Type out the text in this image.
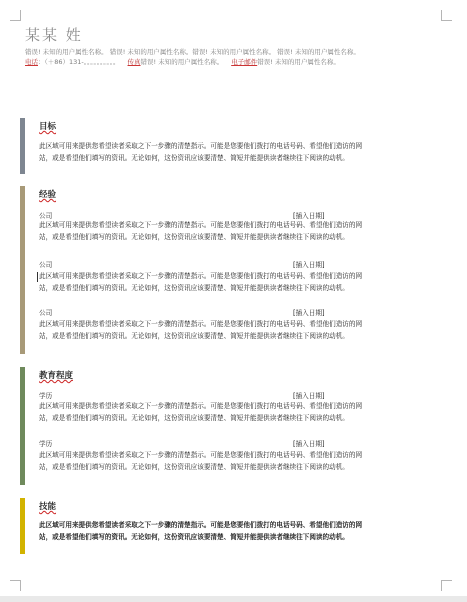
某某 姓
错误! 未知的用户属性名称。 错误! 未知的用户属性名称。错误! 未知的用户属性名称。 错误! 未知的用户属性名称。
电话：（＋86）131-。。。。。。。。。。 传真错误! 未知的用户属性名称。 电子邮件错误! 未知的用户属性名称。
目标
此区域可用来提供您希望读者采取之下一步骤的清楚指示。可能是您要他们拨打的电话号码、希望他们造访的网
站，或是希望他们填写的资讯。无论如何，这份资讯应该要清楚、简短并能提供读者继续往下阅读的动机。
经验
公司	[插入日期]
此区域可用来提供您希望读者采取之下一步骤的清楚指示。可能是您要他们拨打的电话号码、希望他们造访的网
站，或是希望他们填写的资讯。无论如何，这份资讯应该要清楚、简短并能提供读者继续往下阅读的动机。
公司	[插入日期]
此区域可用来提供您希望读者采取之下一步骤的清楚指示。可能是您要他们拨打的电话号码、希望他们造访的网
站，或是希望他们填写的资讯。无论如何，这份资讯应该要清楚、简短并能提供读者继续往下阅读的动机。
公司	[插入日期]
此区域可用来提供您希望读者采取之下一步骤的清楚指示。可能是您要他们拨打的电话号码、希望他们造访的网
站，或是希望他们填写的资讯。无论如何，这份资讯应该要清楚、简短并能提供读者继续往下阅读的动机。
教育程度
学历	[插入日期]
此区域可用来提供您希望读者采取之下一步骤的清楚指示。可能是您要他们拨打的电话号码、希望他们造访的网
站，或是希望他们填写的资讯。无论如何，这份资讯应该要清楚、简短并能提供读者继续往下阅读的动机。
学历	[插入日期]
此区域可用来提供您希望读者采取之下一步骤的清楚指示。可能是您要他们拨打的电话号码、希望他们造访的网
站，或是希望他们填写的资讯。无论如何，这份资讯应该要清楚、简短并能提供读者继续往下阅读的动机。
技能
此区域可用来提供您希望读者采取之下一步骤的清楚指示。可能是您要他们拨打的电话号码、希望他们造访的网
站，或是希望他们填写的资讯。无论如何，这份资讯应该要清楚、简短并能提供读者继续往下阅读的动机。
